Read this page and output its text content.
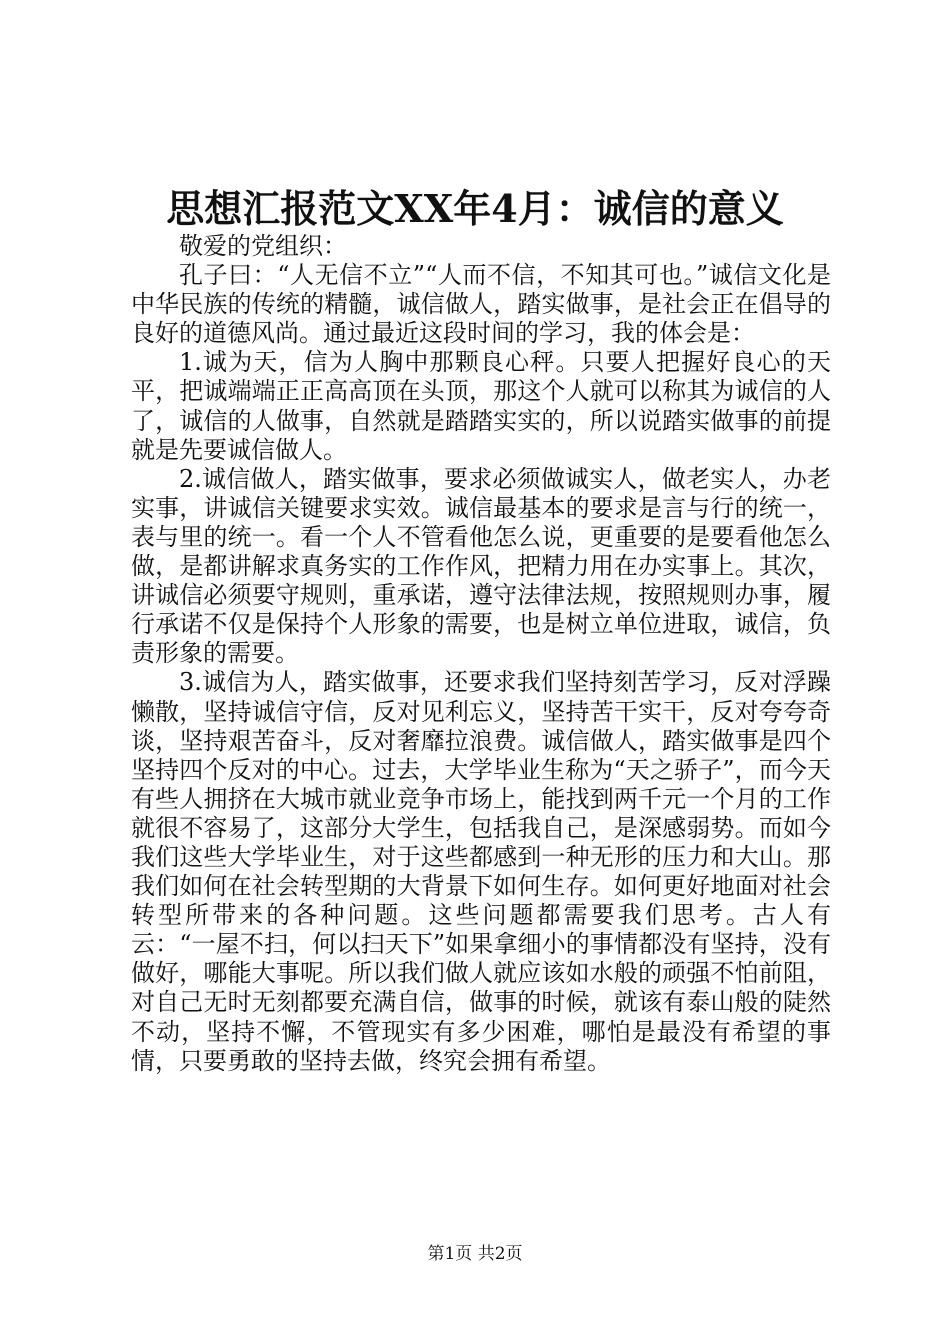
思想汇报范文XX年4月：诚信的意义

敬爱的党组织：

孔子曰：“人无信不立”“人而不信，不知其可也。”诚信文化是中华民族的传统的精髓，诚信做人，踏实做事，是社会正在倡导的良好的道德风尚。通过最近这段时间的学习，我的体会是：

1.诚为天，信为人胸中那颗良心秤。只要人把握好良心的天平，把诚端端正正高高顶在头顶，那这个人就可以称其为诚信的人了，诚信的人做事，自然就是踏踏实实的，所以说踏实做事的前提就是先要诚信做人。

2.诚信做人，踏实做事，要求必须做诚实人，做老实人，办老实事，讲诚信关键要求实效。诚信最基本的要求是言与行的统一，表与里的统一。看一个人不管看他怎么说，更重要的是要看他怎么做，是都讲解求真务实的工作作风，把精力用在办实事上。其次，讲诚信必须要守规则，重承诺，遵守法律法规，按照规则办事，履行承诺不仅是保持个人形象的需要，也是树立单位进取，诚信，负责形象的需要。

3.诚信为人，踏实做事，还要求我们坚持刻苦学习，反对浮躁懒散，坚持诚信守信，反对见利忘义，坚持苦干实干，反对夸夸奇谈，坚持艰苦奋斗，反对奢靡拉浪费。诚信做人，踏实做事是四个坚持四个反对的中心。过去，大学毕业生称为“天之骄子”，而今天有些人拥挤在大城市就业竞争市场上，能找到两千元一个月的工作就很不容易了，这部分大学生，包括我自己，是深感弱势。而如今我们这些大学毕业生，对于这些都感到一种无形的压力和大山。那我们如何在社会转型期的大背景下如何生存。如何更好地面对社会转型所带来的各种问题。这些问题都需要我们思考。古人有云：“一屋不扫，何以扫天下”如果拿细小的事情都没有坚持，没有做好，哪能大事呢。所以我们做人就应该如水般的顽强不怕前阻，对自己无时无刻都要充满自信，做事的时候，就该有泰山般的陡然不动，坚持不懈，不管现实有多少困难，哪怕是最没有希望的事情，只要勇敢的坚持去做，终究会拥有希望。

第1页 共2页
